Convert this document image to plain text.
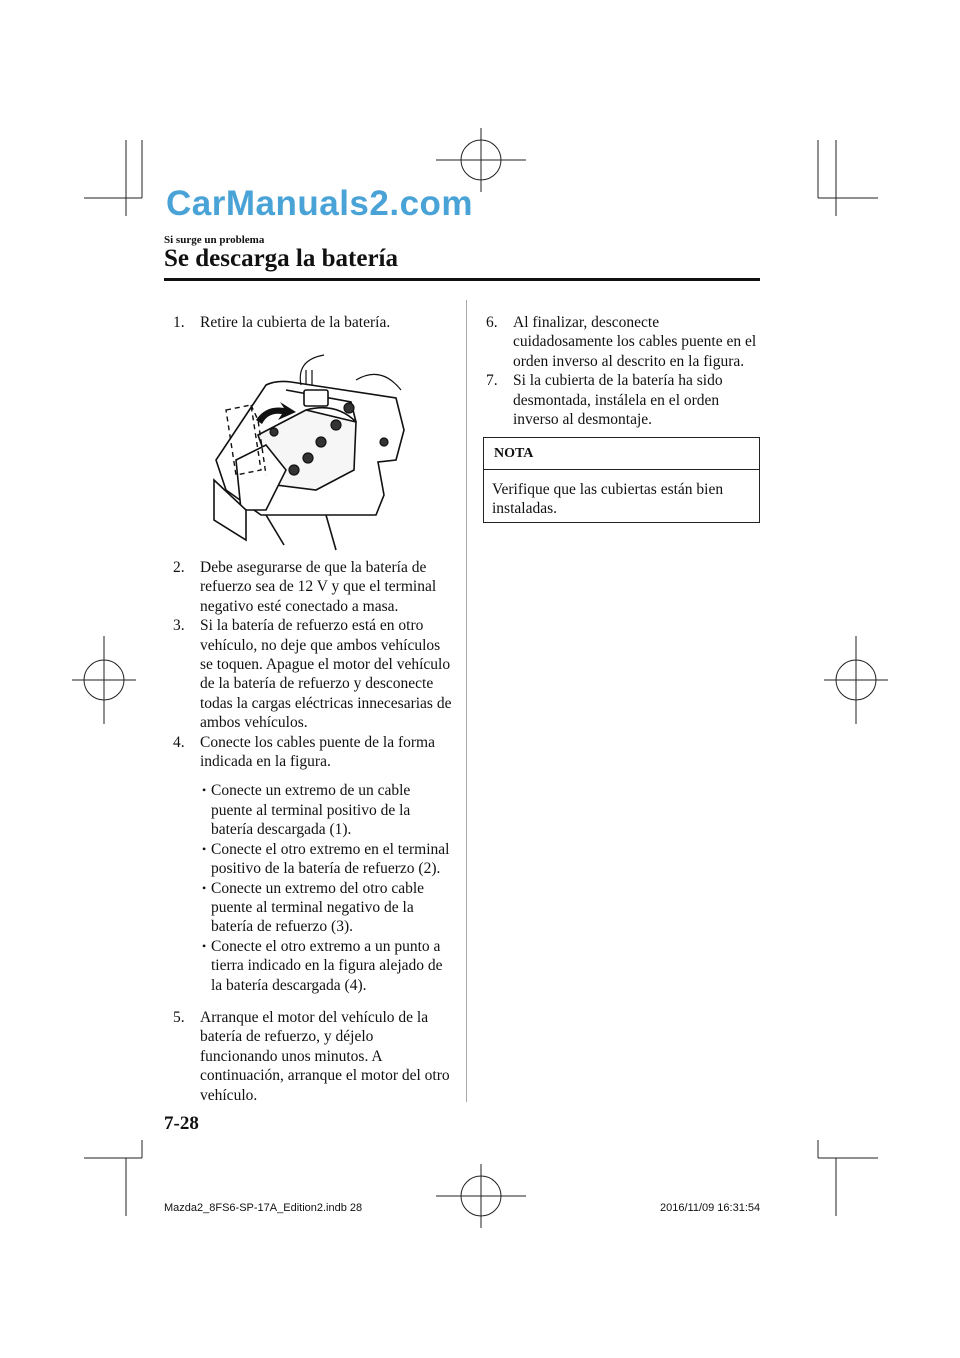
CarManuals2.com
Si surge un problema
Se descarga la batería

1. Retire la cubierta de la batería.

2. Debe asegurarse de que la batería de refuerzo sea de 12 V y que el terminal negativo esté conectado a masa.

3. Si la batería de refuerzo está en otro vehículo, no deje que ambos vehículos se toquen. Apague el motor del vehículo de la batería de refuerzo y desconecte todas la cargas eléctricas innecesarias de ambos vehículos.

4. Conecte los cables puente de la forma indicada en la figura.

• Conecte un extremo de un cable puente al terminal positivo de la batería descargada (1).

• Conecte el otro extremo en el terminal positivo de la batería de refuerzo (2).

• Conecte un extremo del otro cable puente al terminal negativo de la batería de refuerzo (3).

• Conecte el otro extremo a un punto a tierra indicado en la figura alejado de la batería descargada (4).

5. Arranque el motor del vehículo de la batería de refuerzo, y déjelo funcionando unos minutos. A continuación, arranque el motor del otro vehículo.

6. Al finalizar, desconecte cuidadosamente los cables puente en el orden inverso al descrito en la figura.

7. Si la cubierta de la batería ha sido desmontada, instálela en el orden inverso al desmontaje.

NOTA
Verifique que las cubiertas están bien instaladas.
7-28
Mazda2_8FS6-SP-17A_Edition2.indb 28	2016/11/09 16:31:54
